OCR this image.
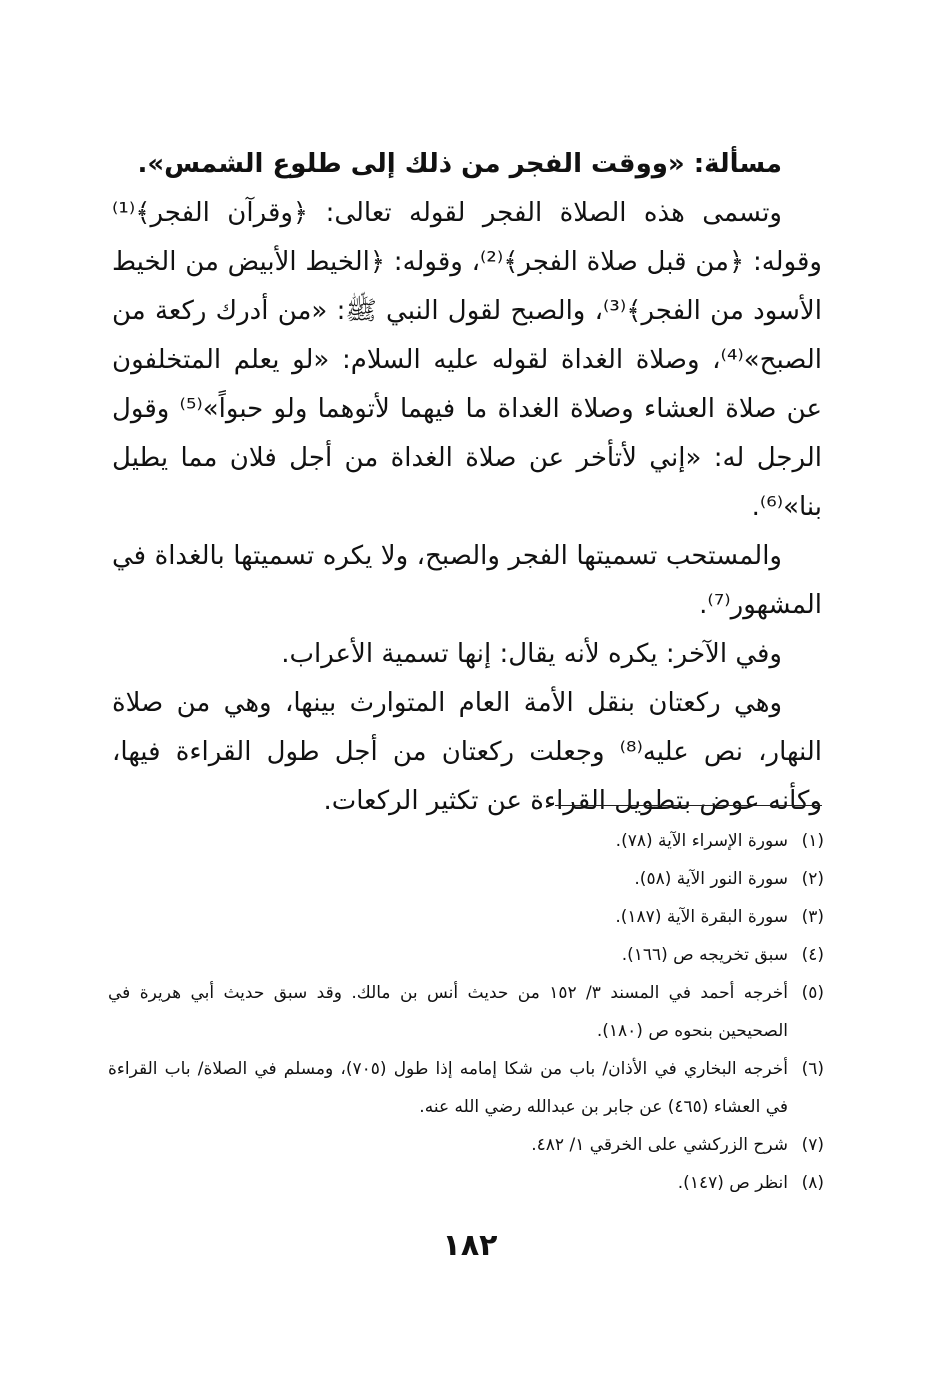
مسألة: «ووقت الفجر من ذلك إلى طلوع الشمس».

وتسمى هذه الصلاة الفجر لقوله تعالى: ﴿وقرآن الفجر﴾⁽¹⁾ وقوله: ﴿من قبل صلاة الفجر﴾⁽²⁾، وقوله: ﴿الخيط الأبيض من الخيط الأسود من الفجر﴾⁽³⁾، والصبح لقول النبي ﷺ: «من أدرك ركعة من الصبح»⁽⁴⁾، وصلاة الغداة لقوله عليه السلام: «لو يعلم المتخلفون عن صلاة العشاء وصلاة الغداة ما فيهما لأتوهما ولو حبواً»⁽⁵⁾ وقول الرجل له: «إني لأتأخر عن صلاة الغداة من أجل فلان مما يطيل بنا»⁽⁶⁾.

والمستحب تسميتها الفجر والصبح، ولا يكره تسميتها بالغداة في المشهور⁽⁷⁾.

وفي الآخر: يكره لأنه يقال: إنها تسمية الأعراب.

وهي ركعتان بنقل الأمة العام المتوارث بينها، وهي من صلاة النهار، نص عليه⁽⁸⁾ وجعلت ركعتان من أجل طول القراءة فيها، وكأنه عوض بتطويل القراءة عن تكثير الركعات.

(١)
سورة الإسراء الآية (٧٨).
(٢)
سورة النور الآية (٥٨).
(٣)
سورة البقرة الآية (١٨٧).
(٤)
سبق تخريجه ص (١٦٦).
(٥)
أخرجه أحمد في المسند ٣/ ١٥٢ من حديث أنس بن مالك. وقد سبق حديث أبي هريرة في الصحيحين بنحوه ص (١٨٠).
(٦)
أخرجه البخاري في الأذان/ باب من شكا إمامه إذا طول (٧٠٥)، ومسلم في الصلاة/ باب القراءة في العشاء (٤٦٥) عن جابر بن عبدالله رضي الله عنه.
(٧)
شرح الزركشي على الخرقي ١/ ٤٨٢.
(٨)
انظر ص (١٤٧).
١٨٢
